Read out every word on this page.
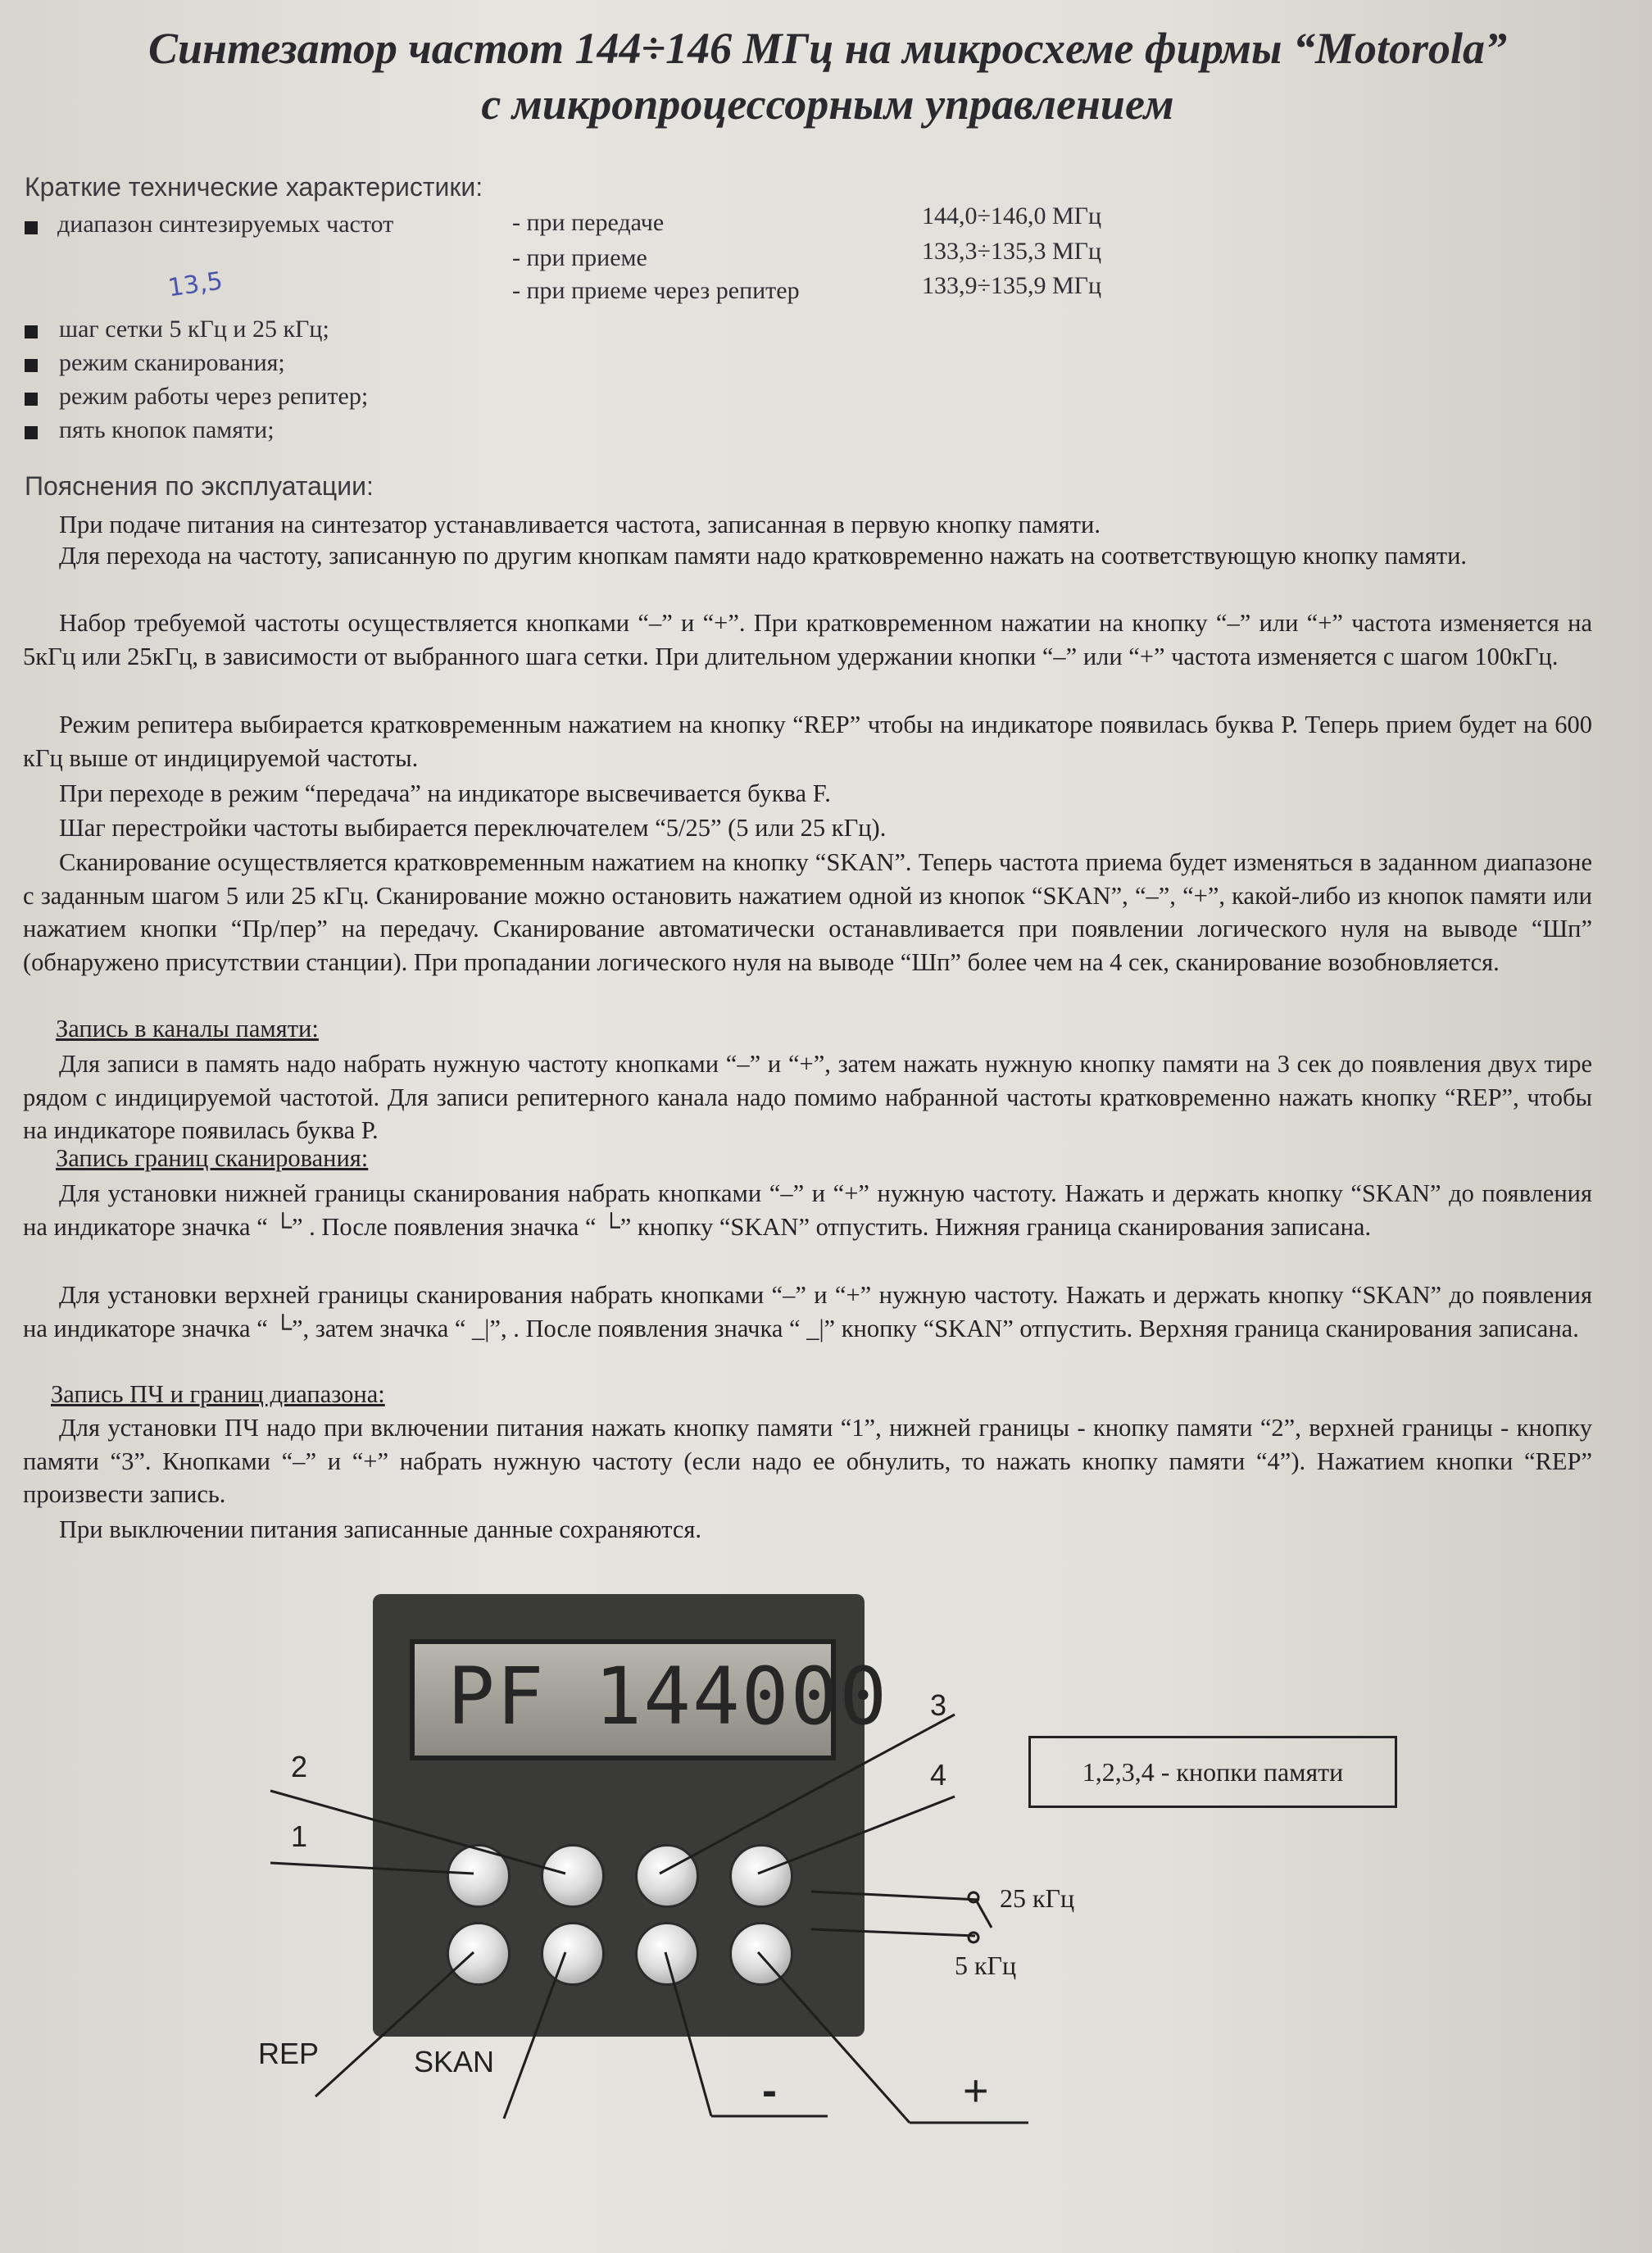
Синтезатор частот 144÷146 МГц на микросхеме фирмы “Motorola”
с микропроцессорным управлением
Краткие технические характеристики:
диапазон синтезируемых частот	- при передаче	144,0÷146,0 МГц
- при приеме	133,3÷135,3 МГц
- при приеме через репитер	133,9÷135,9 МГц
13,5
шаг сетки 5 кГц и 25 кГц;
режим сканирования;
режим работы через репитер;
пять кнопок памяти;
Пояснения по эксплуатации:

При подаче питания на синтезатор устанавливается частота, записанная в первую кнопку памяти.

Для перехода на частоту, записанную по другим кнопкам памяти надо кратковременно нажать на соответствующую кнопку памяти.

Набор требуемой частоты осуществляется кнопками “–” и “+”. При кратковременном нажатии на кнопку “–” или “+” частота изменяется на 5кГц или 25кГц, в зависимости от выбранного шага сетки. При длительном удержании кнопки “–” или “+” частота изменяется с шагом 100кГц.

Режим репитера выбирается кратковременным нажатием на кнопку “REP” чтобы на индикаторе появилась буква Р. Теперь прием будет на 600 кГц выше от индицируемой частоты.

При переходе в режим “передача” на индикаторе высвечивается буква F.

Шаг перестройки частоты выбирается переключателем “5/25” (5 или 25 кГц).

Сканирование осуществляется кратковременным нажатием на кнопку “SKAN”. Теперь частота приема будет изменяться в заданном диапазоне с заданным шагом 5 или 25 кГц. Сканирование можно остановить нажатием одной из кнопок “SKAN”, “–”, “+”, какой-либо из кнопок памяти или нажатием кнопки “Пр/пер” на передачу. Сканирование автоматически останавливается при появлении логического нуля на выводе “Шп” (обнаружено присутствии станции). При пропадании логического нуля на выводе “Шп” более чем на 4 сек, сканирование возобновляется.

Запись в каналы памяти:

Для записи в память надо набрать нужную частоту кнопками “–” и “+”, затем нажать нужную кнопку памяти на 3 сек до появления двух тире рядом с индицируемой частотой. Для записи репитерного канала надо помимо набранной частоты кратковременно нажать кнопку “REP”, чтобы на индикаторе появилась буква Р.

Запись границ сканирования:

Для установки нижней границы сканирования набрать кнопками “–” и “+” нужную частоту. Нажать и держать кнопку “SKAN” до появления на индикаторе значка “ └” . После появления значка “ └” кнопку “SKAN” отпустить. Нижняя граница сканирования записана.

Для установки верхней границы сканирования набрать кнопками “–” и “+” нужную частоту. Нажать и держать кнопку “SKAN” до появления на индикаторе значка “ └”, затем значка “ _|”, . После появления значка “ _|” кнопку “SKAN” отпустить. Верхняя граница сканирования записана.

Запись ПЧ и границ диапазона:

Для установки ПЧ надо при включении питания нажать кнопку памяти “1”, нижней границы - кнопку памяти “2”, верхней границы - кнопку памяти “3”. Кнопками “–” и “+” набрать нужную частоту (если надо ее обнулить, то нажать кнопку памяти “4”). Нажатием кнопки “REP” произвести запись.

При выключении питания записанные данные сохраняются.

PF 144000
2
1
3
4
25 кГц
5 кГц
REP	SKAN
-	+
1,2,3,4 - кнопки памяти
